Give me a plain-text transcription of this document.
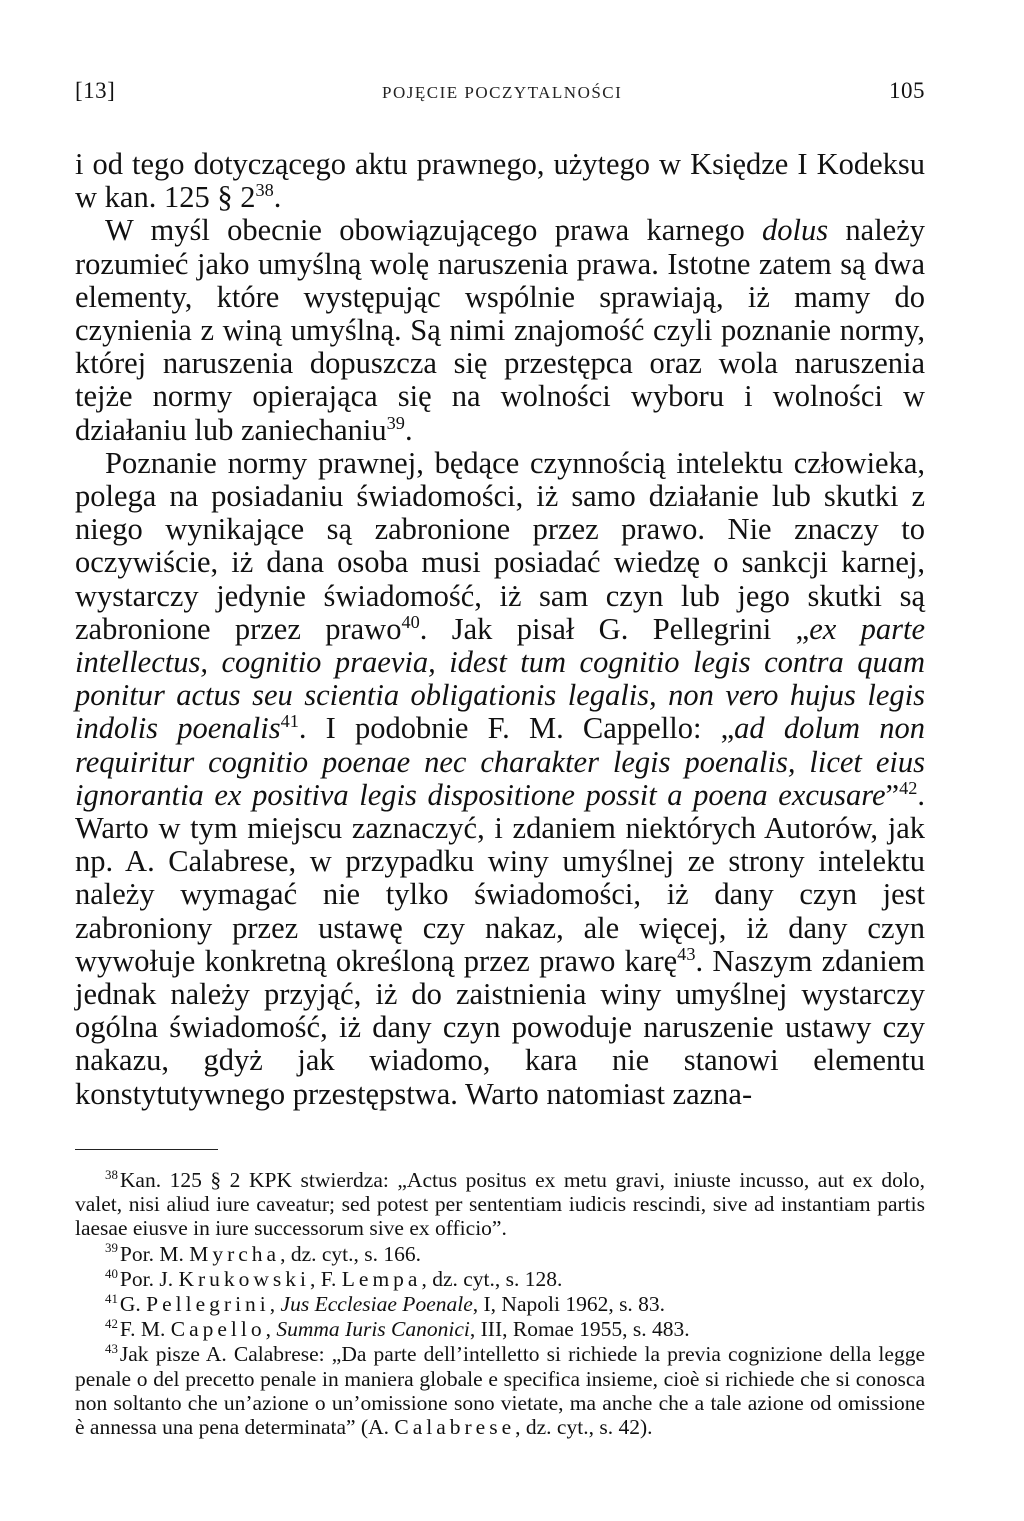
[13]	POJĘCIE POCZYTALNOŚCI	105

i od tego dotyczącego aktu prawnego, użytego w Księdze I Kodeksu w kan. 125 § $2^{38}$.

W myśl obecnie obowiązującego prawa karnego dolus należy rozumieć jako umyślną wolę naruszenia prawa. Istotne zatem są dwa elementy, które występując wspólnie sprawiają, iż mamy do czynienia z winą umyślną. Są nimi znajomość czyli poznanie normy, której naruszenia dopuszcza się przestępca oraz wola naruszenia tejże normy opierająca się na wolności wyboru i wolności w działaniu lub zaniechaniu$^{39}$.

Poznanie normy prawnej, będące czynnością intelektu człowieka, polega na posiadaniu świadomości, iż samo działanie lub skutki z niego wynikające są zabronione przez prawo. Nie znaczy to oczywiście, iż dana osoba musi posiadać wiedzę o sankcji karnej, wystarczy jedynie świadomość, iż sam czyn lub jego skutki są zabronione przez prawo$^{40}$. Jak pisał G. Pellegrini „ex parte intellectus, cognitio praevia, idest tum cognitio legis contra quam ponitur actus seu scientia obligationis legalis, non vero hujus legis indolis poenalis$^{41}$. I podobnie F. M. Cappello: „ad dolum non requiritur cognitio poenae nec charakter legis poenalis, licet eius ignorantia ex positiva legis dispositione possit a poena excusare”$^{42}$. Warto w tym miejscu zaznaczyć, i zdaniem niektórych Autorów, jak np. A. Calabrese, w przypadku winy umyślnej ze strony intelektu należy wymagać nie tylko świadomości, iż dany czyn jest zabroniony przez ustawę czy nakaz, ale więcej, iż dany czyn wywołuje konkretną określoną przez prawo karę$^{43}$. Naszym zdaniem jednak należy przyjąć, iż do zaistnienia winy umyślnej wystarczy ogólna świadomość, iż dany czyn powoduje naruszenie ustawy czy nakazu, gdyż jak wiadomo, kara nie stanowi elementu konstytutywnego przestępstwa. Warto natomiast zazna-

$^{38}$Kan. 125 § 2 KPK stwierdza: „Actus positus ex metu gravi, iniuste incusso, aut ex dolo, valet, nisi aliud iure caveatur; sed potest per sententiam iudicis rescindi, sive ad instantiam partis laesae eiusve in iure successorum sive ex officio”.

$^{39}$Por. M. Myrcha, dz. cyt., s. 166.

$^{40}$Por. J. Krukowski, F. Lempa, dz. cyt., s. 128.

$^{41}$G. Pellegrini, Jus Ecclesiae Poenale, I, Napoli 1962, s. 83.

$^{42}$F. M. Capello, Summa Iuris Canonici, III, Romae 1955, s. 483.

$^{43}$Jak pisze A. Calabrese: „Da parte dell’intelletto si richiede la previa cognizione della legge penale o del precetto penale in maniera globale e specifica insieme, cioè si richiede che si conosca non soltanto che un’azione o un’omissione sono vietate, ma anche che a tale azione od omissione è annessa una pena determinata” (A. Calabrese, dz. cyt., s. 42).
